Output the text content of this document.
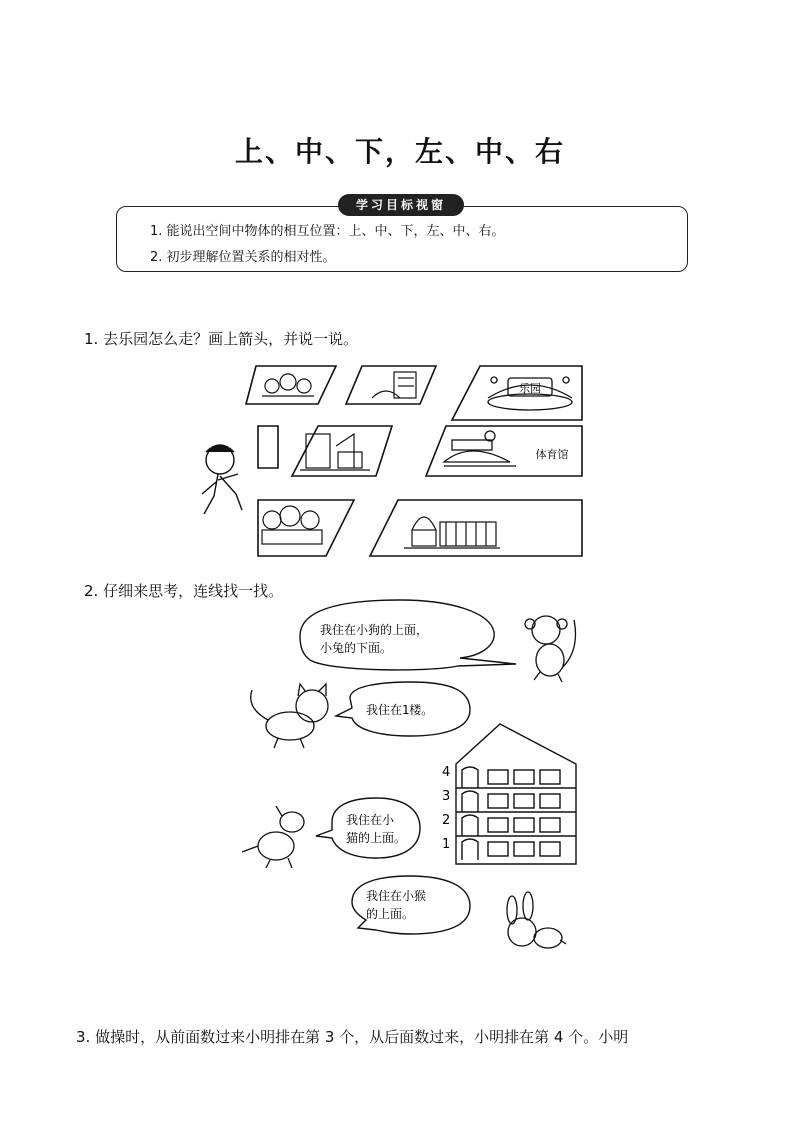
上、中、下，左、中、右
学习目标视窗
1. 能说出空间中物体的相互位置：上、中、下，左、中、右。
2. 初步理解位置关系的相对性。
1. 去乐园怎么走？画上箭头，并说一说。
乐园
体育馆
2. 仔细来思考，连线找一找。
我住在小狗的上面，
小兔的下面。
我住在1楼。
4
3
2
1
我住在小
猫的上面。
我住在小猴
的上面。
3. 做操时，从前面数过来小明排在第 3 个，从后面数过来，小明排在第 4 个。小明
